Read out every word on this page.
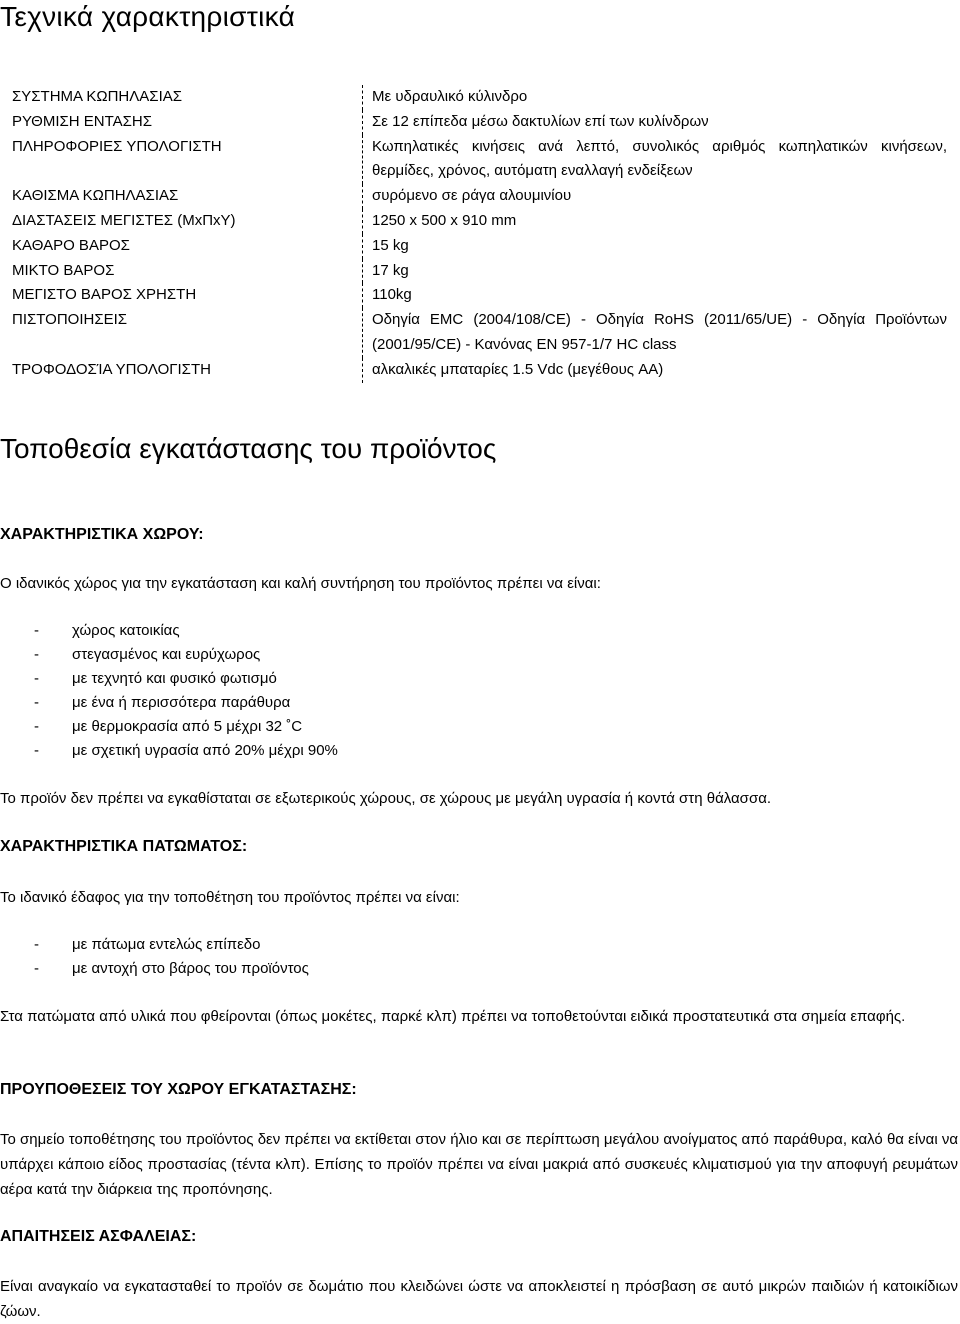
Τεχνικά χαρακτηριστικά
ΣΥΣΤΗΜΑ ΚΩΠΗΛΑΣΙΑΣ	Με υδραυλικό κύλινδρο
ΡΥΘΜΙΣΗ ΕΝΤΑΣΗΣ	Σε 12 επίπεδα μέσω δακτυλίων επί των κυλίνδρων
ΠΛΗΡΟΦΟΡΙΕΣ ΥΠΟΛΟΓΙΣΤΗ	Κωπηλατικές κινήσεις ανά λεπτό, συνολικός αριθμός κωπηλατικών κινήσεων, θερμίδες, χρόνος, αυτόματη εναλλαγή ενδείξεων
ΚΑΘΙΣΜΑ ΚΩΠΗΛΑΣΙΑΣ	συρόμενο σε ράγα αλουμινίου
ΔΙΑΣΤΑΣΕΙΣ ΜΕΓΙΣΤΕΣ (ΜxΠxΥ)	1250 x 500 x 910 mm
ΚΑΘΑΡΟ ΒΑΡΟΣ	15 kg
ΜΙΚΤΟ ΒΑΡΟΣ	17 kg
ΜΕΓΙΣΤΟ ΒΑΡΟΣ ΧΡΗΣΤΗ	110kg
ΠΙΣΤΟΠΟΙΗΣΕΙΣ	Οδηγία EMC (2004/108/CE) - Οδηγία RoHS (2011/65/UE) - Οδηγία Προϊόντων (2001/95/CE) - Κανόνας EN 957-1/7 HC class
ΤΡΟΦΟΔΟΣΊΑ ΥΠΟΛΟΓΙΣΤΗ	αλκαλικές μπαταρίες 1.5 Vdc (μεγέθους AA)
Τοποθεσία εγκατάστασης του προϊόντος
ΧΑΡΑΚΤΗΡΙΣΤΙΚΑ ΧΩΡΟΥ:

Ο ιδανικός χώρος για την εγκατάσταση και καλή συντήρηση του προϊόντος πρέπει να είναι:

- χώρος κατοικίας
- στεγασμένος και ευρύχωρος
- με τεχνητό και φυσικό φωτισμό
- με ένα ή περισσότερα παράθυρα
- με θερμοκρασία από 5 μέχρι 32 ˚C
- με σχετική υγρασία από 20% μέχρι 90%

Το προϊόν δεν πρέπει να εγκαθίσταται σε εξωτερικούς χώρους, σε χώρους με μεγάλη υγρασία ή κοντά στη θάλασσα.

ΧΑΡΑΚΤΗΡΙΣΤΙΚΑ ΠΑΤΩΜΑΤΟΣ:

Το ιδανικό έδαφος για την τοποθέτηση του προϊόντος πρέπει να είναι:

- με πάτωμα εντελώς επίπεδο
- με αντοχή στο βάρος του προϊόντος

Στα πατώματα από υλικά που φθείρονται (όπως μοκέτες, παρκέ κλπ) πρέπει να τοποθετούνται ειδικά προστατευτικά στα σημεία επαφής.

ΠΡΟΥΠΟΘΕΣΕΙΣ ΤΟΥ ΧΩΡΟΥ ΕΓΚΑΤΑΣΤΑΣΗΣ:

Το σημείο τοποθέτησης του προϊόντος δεν πρέπει να εκτίθεται στον ήλιο και σε περίπτωση μεγάλου ανοίγματος από παράθυρα, καλό θα είναι να υπάρχει κάποιο είδος προστασίας (τέντα κλπ). Επίσης το προϊόν πρέπει να είναι μακριά από συσκευές κλιματισμού για την αποφυγή ρευμάτων αέρα κατά την διάρκεια της προπόνησης.

ΑΠΑΙΤΗΣΕΙΣ ΑΣΦΑΛΕΙΑΣ:

Είναι αναγκαίο να εγκατασταθεί το προϊόν σε δωμάτιο που κλειδώνει ώστε να αποκλειστεί η πρόσβαση σε αυτό μικρών παιδιών ή κατοικίδιων ζώων.
